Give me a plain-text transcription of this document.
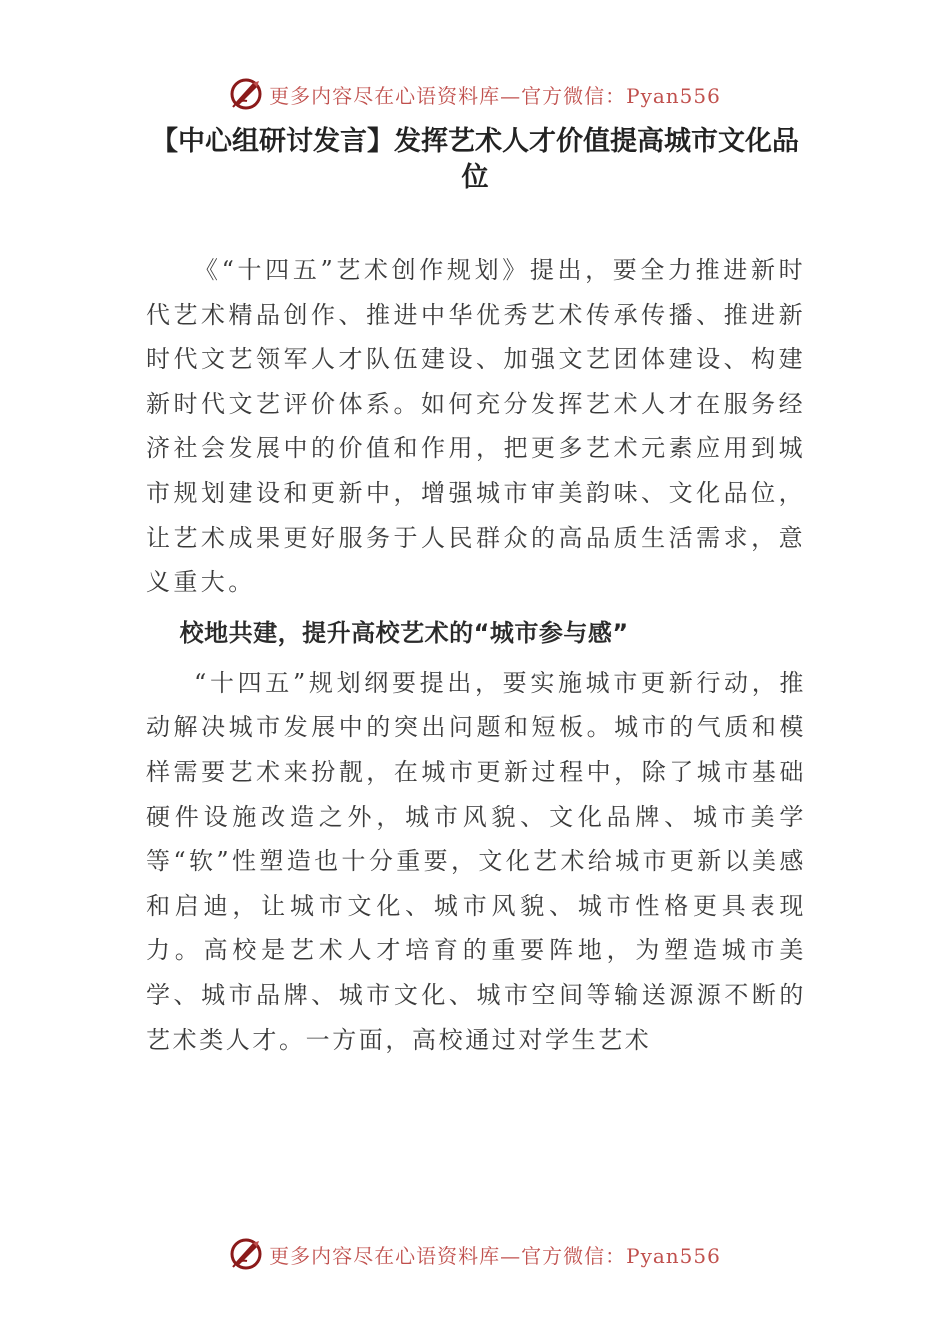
更多内容尽在心语资料库—官方微信：Pyan556
【中心组研讨发言】发挥艺术人才价值提高城市文化品位

《“十四五”艺术创作规划》提出，要全力推进新时代艺术精品创作、推进中华优秀艺术传承传播、推进新时代文艺领军人才队伍建设、加强文艺团体建设、构建新时代文艺评价体系。如何充分发挥艺术人才在服务经济社会发展中的价值和作用，把更多艺术元素应用到城市规划建设和更新中，增强城市审美韵味、文化品位，让艺术成果更好服务于人民群众的高品质生活需求，意义重大。

校地共建，提升高校艺术的“城市参与感”

“十四五”规划纲要提出，要实施城市更新行动，推动解决城市发展中的突出问题和短板。城市的气质和模样需要艺术来扮靓，在城市更新过程中，除了城市基础硬件设施改造之外，城市风貌、文化品牌、城市美学等“软”性塑造也十分重要，文化艺术给城市更新以美感和启迪，让城市文化、城市风貌、城市性格更具表现力。高校是艺术人才培育的重要阵地，为塑造城市美学、城市品牌、城市文化、城市空间等输送源源不断的艺术类人才。一方面，高校通过对学生艺术

更多内容尽在心语资料库—官方微信：Pyan556
